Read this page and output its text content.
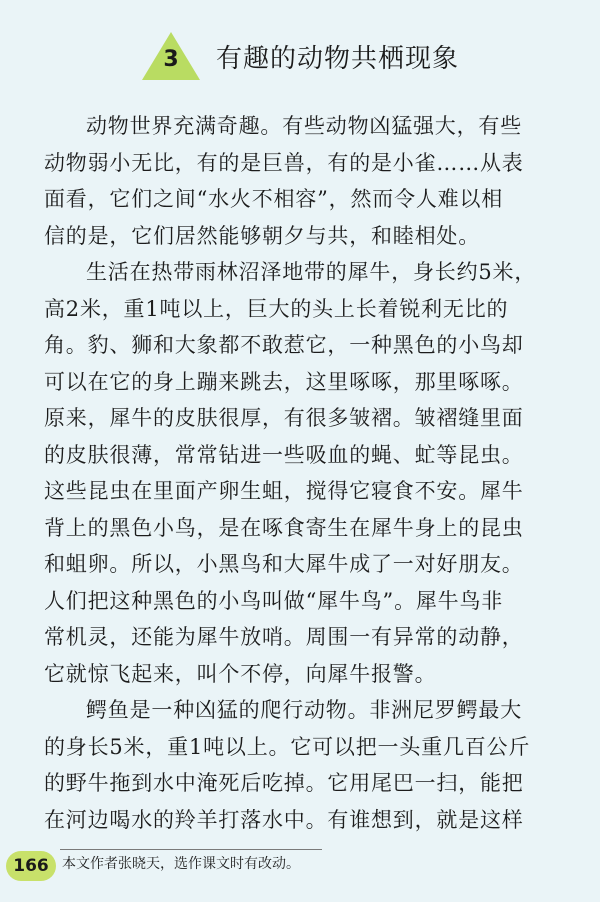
3	有趣的动物共栖现象
动物世界充满奇趣。有些动物凶猛强大，有些
动物弱小无比，有的是巨兽，有的是小雀……从表
面看，它们之间“水火不相容”，然而令人难以相
信的是，它们居然能够朝夕与共，和睦相处。
生活在热带雨林沼泽地带的犀牛，身长约5米，
高2米，重1吨以上，巨大的头上长着锐利无比的
角。豹、狮和大象都不敢惹它，一种黑色的小鸟却
可以在它的身上蹦来跳去，这里啄啄，那里啄啄。
原来，犀牛的皮肤很厚，有很多皱褶。皱褶缝里面
的皮肤很薄，常常钻进一些吸血的蝇、虻等昆虫。
这些昆虫在里面产卵生蛆，搅得它寝食不安。犀牛
背上的黑色小鸟，是在啄食寄生在犀牛身上的昆虫
和蛆卵。所以，小黑鸟和大犀牛成了一对好朋友。
人们把这种黑色的小鸟叫做“犀牛鸟”。犀牛鸟非
常机灵，还能为犀牛放哨。周围一有异常的动静，
它就惊飞起来，叫个不停，向犀牛报警。
鳄鱼是一种凶猛的爬行动物。非洲尼罗鳄最大
的身长5米，重1吨以上。它可以把一头重几百公斤
的野牛拖到水中淹死后吃掉。它用尾巴一扫，能把
在河边喝水的羚羊打落水中。有谁想到，就是这样
166 本文作者张晓天，选作课文时有改动。
